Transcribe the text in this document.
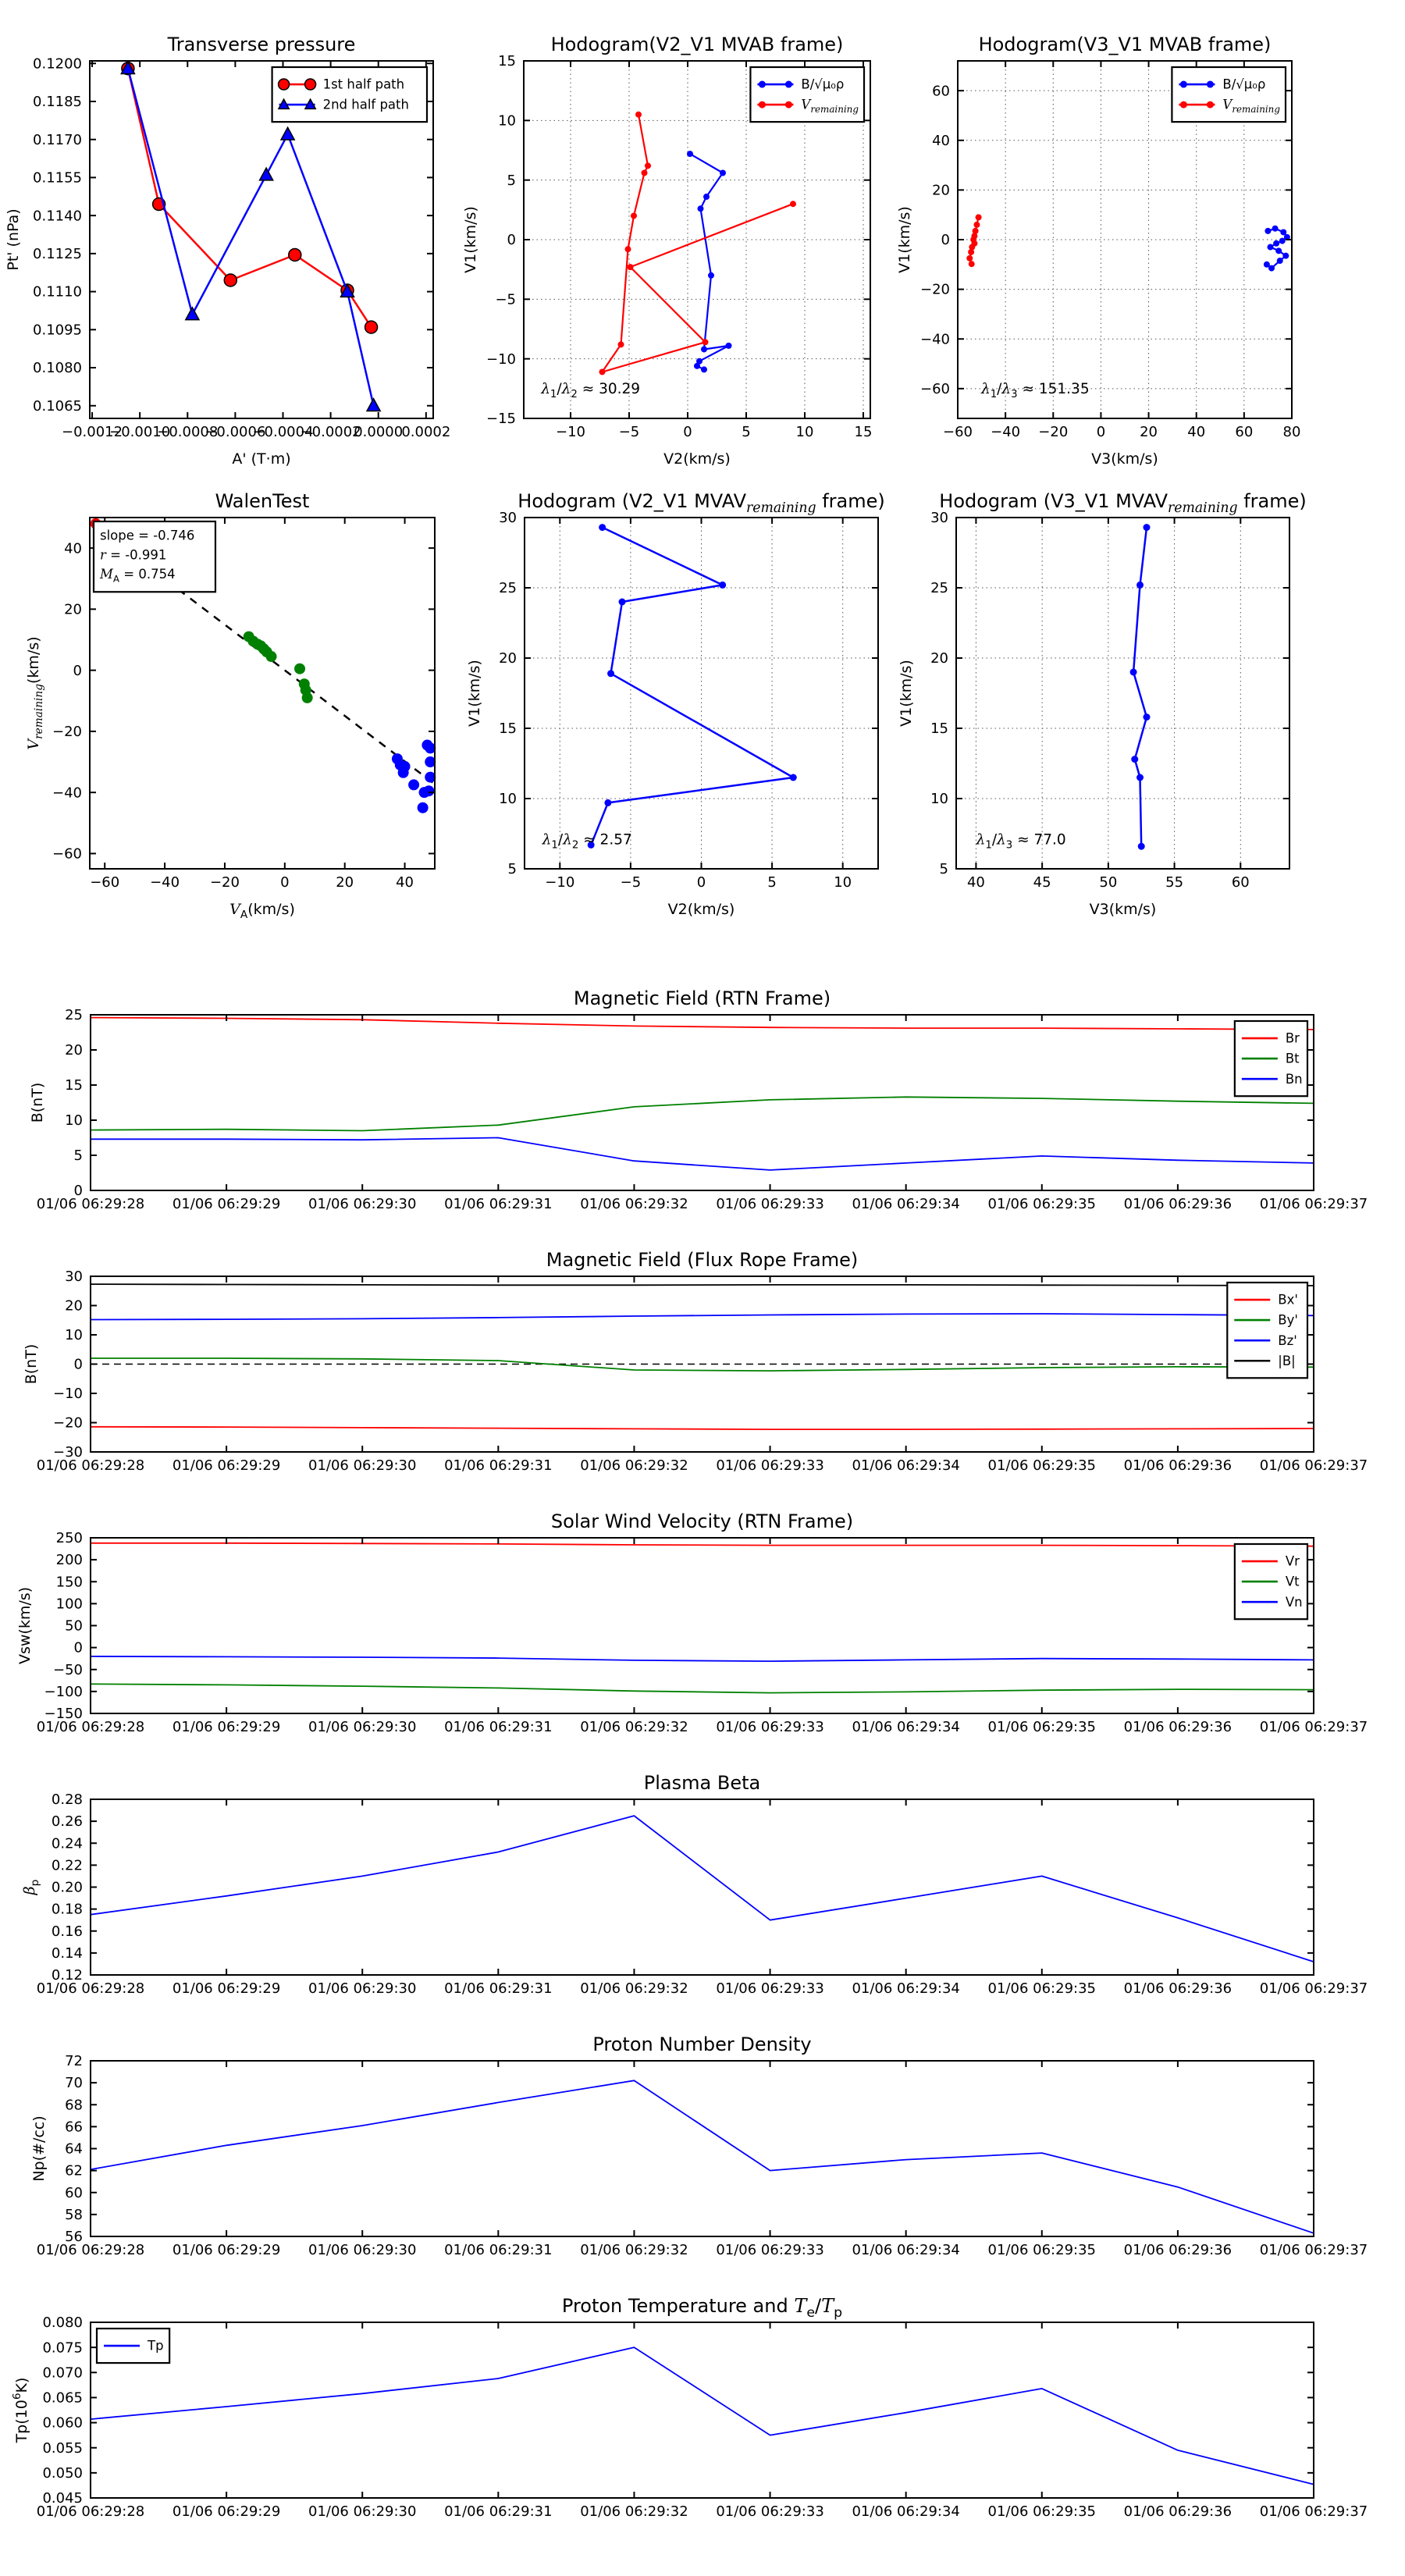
−0.0012
−0.0010
−0.0008
−0.0006
−0.0004
−0.0002
0.0000
0.0002
0.1065
0.1080
0.1095
0.1110
0.1125
0.1140
0.1155
0.1170
0.1185
0.1200
Transverse pressure
A' (T·m)
Pt' (nPa)
1st half path
2nd half path
−10 −5	0	5	10	15
−15
−10
−5
0
5
10
15
Hodogram(V2_V1 MVAB frame)
V2(km/s)
V1(km/s)
B/√μ₀ρ
$V_{remaining}$
$\lambda_1/\lambda_2 \approx 30.29$
−60 −40 −20 0 20 40 60 80
−60
−40
−20
0
20
40
60
Hodogram(V3_V1 MVAB frame)
V3(km/s)
V1(km/s)
B/√μ₀ρ
$V_{remaining}$
$\lambda_1/\lambda_3 \approx 151.35$
−60 −40 −20	0	20	40
−60
−40
−20
0
20
40
WalenTest
$V_A(km/s)$
$V_{remaining}(km/s)$
slope = -0.746
r = -0.991
$M_A = 0.754$
−10	−5	0	5	10
5
10
15
20
25
30
Hodogram (V2_V1 $MVAV_{remaining}$ frame)
V2(km/s)
V1(km/s)
$\lambda_1/\lambda_2 \approx 2.57$
40	45	50	55	60
5
10
15
20
25
30
Hodogram (V3_V1 $MVAV_{remaining}$ frame)
V3(km/s)
V1(km/s)
$\lambda_1/\lambda_3 \approx 77.0$
01/06 06:29:28 01/06 06:29:29 01/06 06:29:30 01/06 06:29:31 01/06 06:29:32 01/06 06:29:33 01/06 06:29:34 01/06 06:29:35 01/06 06:29:36 01/06 06:29:37
0
5
10
15
20
25
Magnetic Field (RTN Frame)
B(nT)
Br
Bt
Bn
01/06 06:29:28 01/06 06:29:29 01/06 06:29:30 01/06 06:29:31 01/06 06:29:32 01/06 06:29:33 01/06 06:29:34 01/06 06:29:35 01/06 06:29:36 01/06 06:29:37
−30
−20
−10
0
10
20
30
Magnetic Field (Flux Rope Frame)
B(nT)
Bx'
By'
Bz'
|B|
01/06 06:29:28 01/06 06:29:29 01/06 06:29:30 01/06 06:29:31 01/06 06:29:32 01/06 06:29:33 01/06 06:29:34 01/06 06:29:35 01/06 06:29:36 01/06 06:29:37
−150
−100
−50
0
50
100
150
200
250
Solar Wind Velocity (RTN Frame)
Vsw(km/s)
Vr
Vt
Vn
01/06 06:29:28 01/06 06:29:29 01/06 06:29:30 01/06 06:29:31 01/06 06:29:32 01/06 06:29:33 01/06 06:29:34 01/06 06:29:35 01/06 06:29:36 01/06 06:29:37
0.12
0.14
0.16
0.18
0.20
0.22
0.24
0.26
0.28
Plasma Beta
$\beta_p$
01/06 06:29:28 01/06 06:29:29 01/06 06:29:30 01/06 06:29:31 01/06 06:29:32 01/06 06:29:33 01/06 06:29:34 01/06 06:29:35 01/06 06:29:36 01/06 06:29:37
56
58
60
62
64
66
68
70
72
Proton Number Density
Np(#/cc)
01/06 06:29:28 01/06 06:29:29 01/06 06:29:30 01/06 06:29:31 01/06 06:29:32 01/06 06:29:33 01/06 06:29:34 01/06 06:29:35 01/06 06:29:36 01/06 06:29:37
0.045
0.050
0.055
0.060
0.065
0.070
0.075
0.080
Proton Temperature and $T_e/T_p$
$Tp(10^6K)$
Tp
